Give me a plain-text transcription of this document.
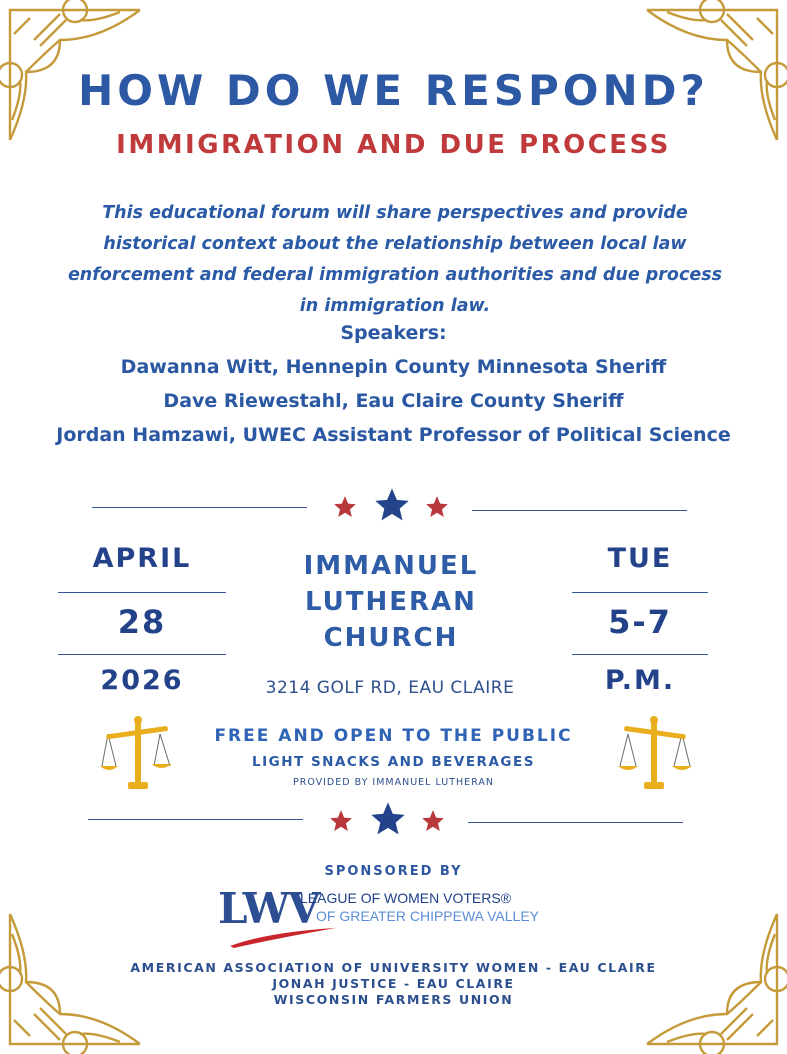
HOW DO WE RESPOND?
IMMIGRATION AND DUE PROCESS
This educational forum will share perspectives and provide historical context about the relationship between local law enforcement and federal immigration authorities and due process in immigration law.
Speakers:
Dawanna Witt, Hennepin County Minnesota Sheriff
Dave Riewestahl, Eau Claire County Sheriff
Jordan Hamzawi, UWEC Assistant Professor of Political Science
APRIL
28
2026
IMMANUEL
LUTHERAN
CHURCH
3214 GOLF RD, EAU CLAIRE
TUE
5-7
P.M.
FREE AND OPEN TO THE PUBLIC
LIGHT SNACKS AND BEVERAGES
PROVIDED BY IMMANUEL LUTHERAN
SPONSORED BY
LWV
LEAGUE OF WOMEN VOTERS®
OF GREATER CHIPPEWA VALLEY
AMERICAN ASSOCIATION OF UNIVERSITY WOMEN - EAU CLAIRE
JONAH JUSTICE - EAU CLAIRE
WISCONSIN FARMERS UNION
